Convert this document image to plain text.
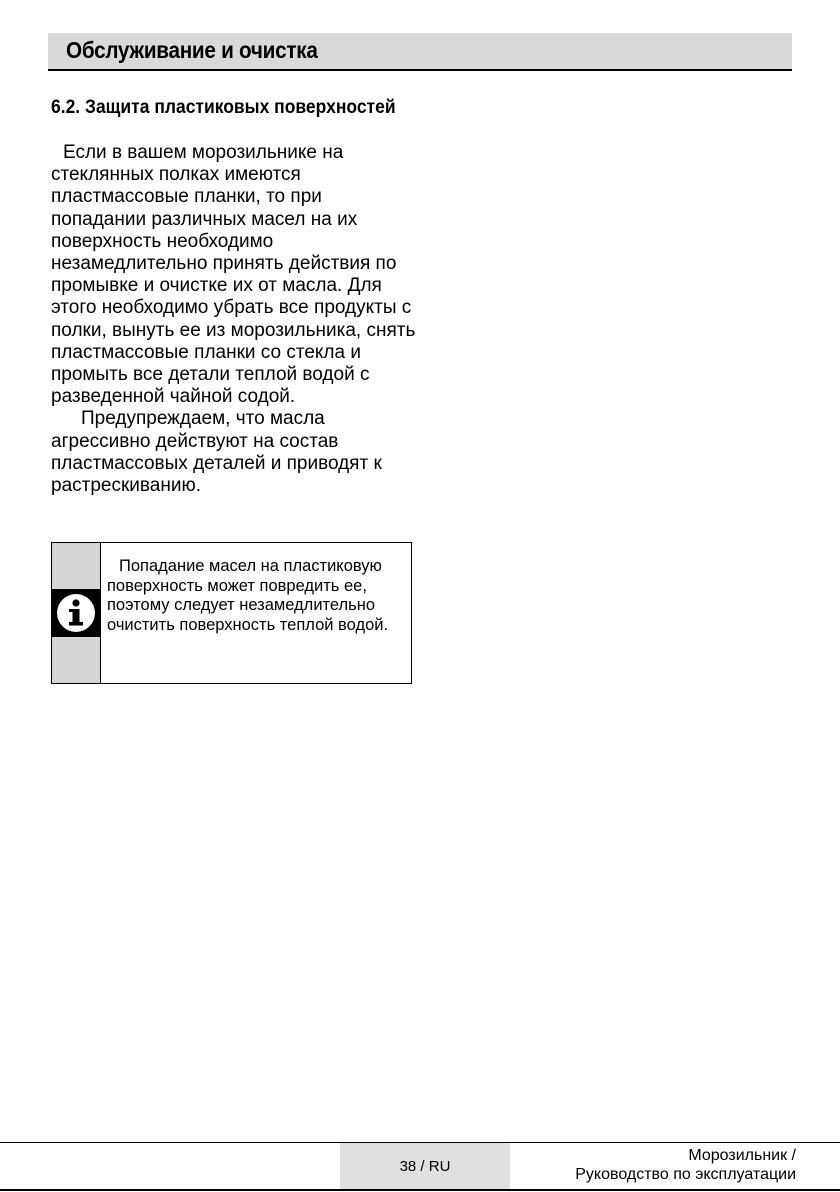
Обслуживание и очистка
6.2. Защита пластиковых поверхностей

Если в вашем морозильнике на стеклянных полках имеются пластмассовые планки, то при попадании различных масел на их поверхность необходимо незамедлительно принять действия по промывке и очистке их от масла. Для этого необходимо убрать все продукты с полки, вынуть ее из морозильника, снять пластмассовые планки со стекла и промыть все детали теплой водой с разведенной чайной содой.

Предупреждаем, что масла агрессивно действуют на состав пластмассовых деталей и приводят к растрескиванию.

Попадание масел на пластиковую поверхность может повредить ее, поэтому следует незамедлительно очистить поверхность теплой водой.
38 / RU
Морозильник /
Руководство по эксплуатации
